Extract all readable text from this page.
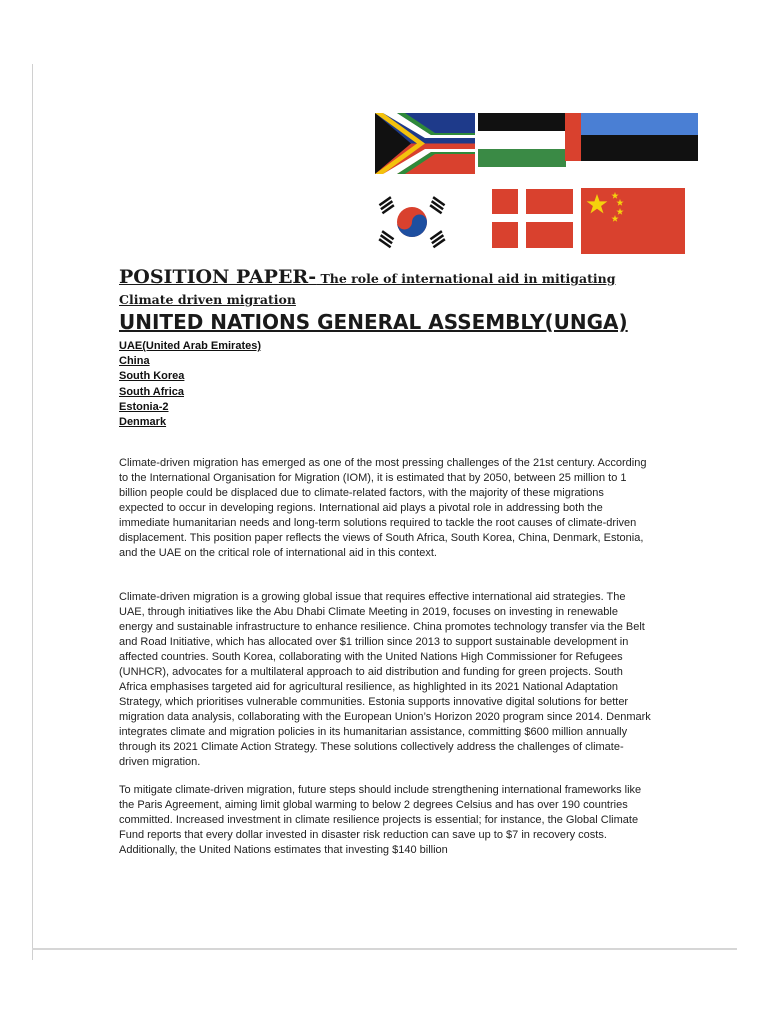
POSITION PAPER- The role of international aid in mitigating
Climate driven migration
UNITED NATIONS GENERAL ASSEMBLY(UNGA)
UAE(United Arab Emirates)
China
South Korea
South Africa
Estonia-2
Denmark

Climate-driven migration has emerged as one of the most pressing challenges of the 21st century. According to the International Organisation for Migration (IOM), it is estimated that by 2050, between 25 million to 1 billion people could be displaced due to climate-related factors, with the majority of these migrations expected to occur in developing regions. International aid plays a pivotal role in addressing both the immediate humanitarian needs and long-term solutions required to tackle the root causes of climate-driven displacement. This position paper reflects the views of South Africa, South Korea, China, Denmark, Estonia, and the UAE on the critical role of international aid in this context.

Climate-driven migration is a growing global issue that requires effective international aid strategies. The UAE, through initiatives like the Abu Dhabi Climate Meeting in 2019, focuses on investing in renewable energy and sustainable infrastructure to enhance resilience. China promotes technology transfer via the Belt and Road Initiative, which has allocated over $1 trillion since 2013 to support sustainable development in affected countries. South Korea, collaborating with the United Nations High Commissioner for Refugees (UNHCR), advocates for a multilateral approach to aid distribution and funding for green projects. South Africa emphasises targeted aid for agricultural resilience, as highlighted in its 2021 National Adaptation Strategy, which prioritises vulnerable communities. Estonia supports innovative digital solutions for better migration data analysis, collaborating with the European Union’s Horizon 2020 program since 2014. Denmark integrates climate and migration policies in its humanitarian assistance, committing $600 million annually through its 2021 Climate Action Strategy. These solutions collectively address the challenges of climate-driven migration.

To mitigate climate-driven migration, future steps should include strengthening international frameworks like the Paris Agreement, aiming limit global warming to below 2 degrees Celsius and has over 190 countries committed. Increased investment in climate resilience projects is essential; for instance, the Global Climate Fund reports that every dollar invested in disaster risk reduction can save up to $7 in recovery costs. Additionally, the United Nations estimates that investing $140 billion
